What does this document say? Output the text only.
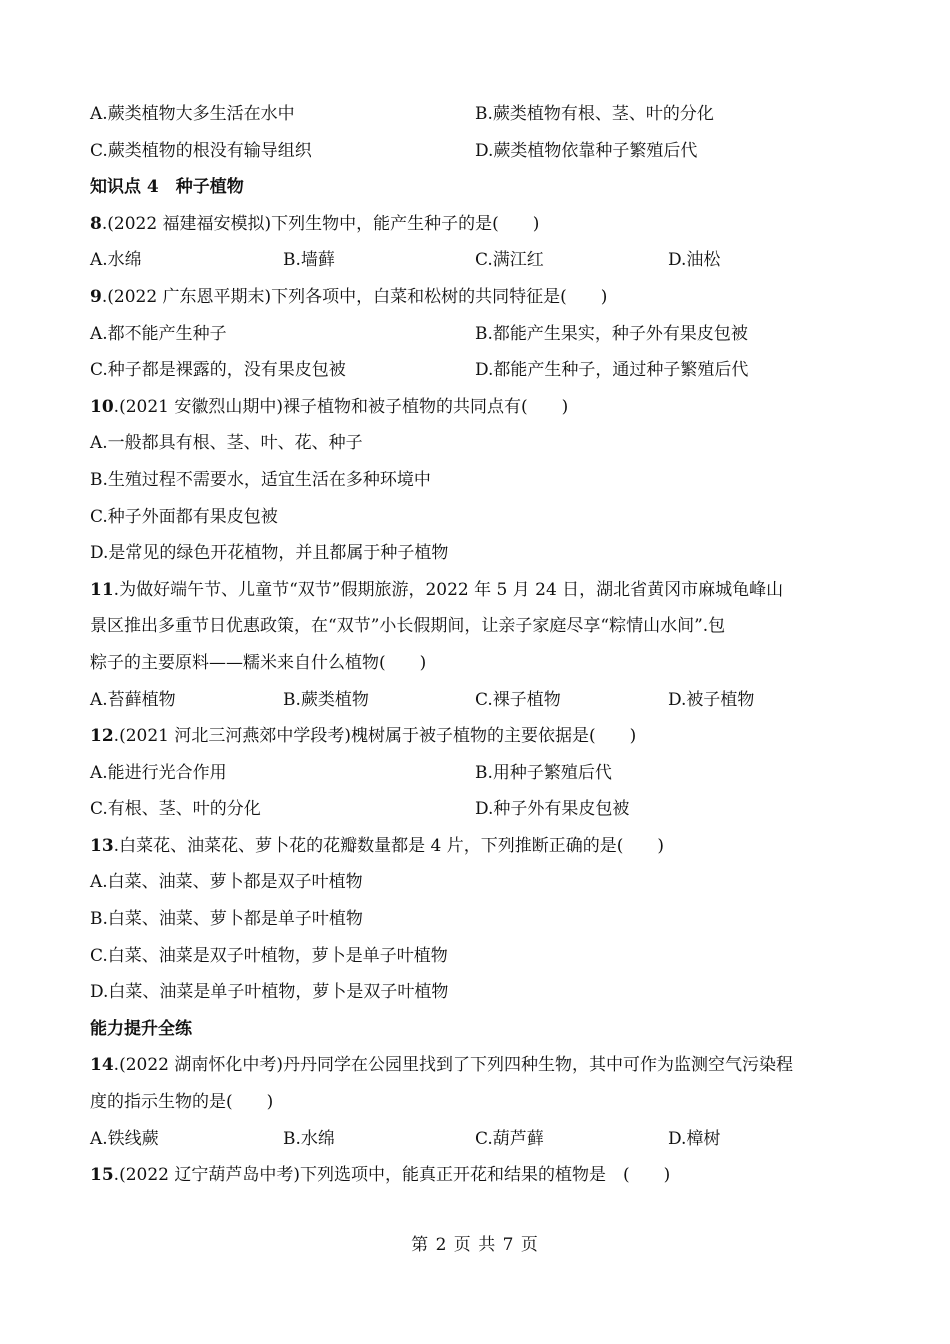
A.蕨类植物大多生活在水中	B.蕨类植物有根、茎、叶的分化
C.蕨类植物的根没有输导组织	D.蕨类植物依靠种子繁殖后代
知识点 4　种子植物
8.(2022 福建福安模拟)下列生物中，能产生种子的是(　　)
A.水绵	B.墙藓	C.满江红	D.油松
9.(2022 广东恩平期末)下列各项中，白菜和松树的共同特征是(　　)
A.都不能产生种子	B.都能产生果实，种子外有果皮包被
C.种子都是裸露的，没有果皮包被	D.都能产生种子，通过种子繁殖后代
10.(2021 安徽烈山期中)裸子植物和被子植物的共同点有(　　)
A.一般都具有根、茎、叶、花、种子
B.生殖过程不需要水，适宜生活在多种环境中
C.种子外面都有果皮包被
D.是常见的绿色开花植物，并且都属于种子植物
11.为做好端午节、儿童节“双节”假期旅游，2022 年 5 月 24 日，湖北省黄冈市麻城龟峰山
景区推出多重节日优惠政策，在“双节”小长假期间，让亲子家庭尽享“粽情山水间”.包
粽子的主要原料——糯米来自什么植物(　　)
A.苔藓植物	B.蕨类植物	C.裸子植物	D.被子植物
12.(2021 河北三河燕郊中学段考)槐树属于被子植物的主要依据是(　　)
A.能进行光合作用	B.用种子繁殖后代
C.有根、茎、叶的分化	D.种子外有果皮包被
13.白菜花、油菜花、萝卜花的花瓣数量都是 4 片，下列推断正确的是(　　)
A.白菜、油菜、萝卜都是双子叶植物
B.白菜、油菜、萝卜都是单子叶植物
C.白菜、油菜是双子叶植物，萝卜是单子叶植物
D.白菜、油菜是单子叶植物，萝卜是双子叶植物
能力提升全练
14.(2022 湖南怀化中考)丹丹同学在公园里找到了下列四种生物，其中可作为监测空气污染程
度的指示生物的是(　　)
A.铁线蕨	B.水绵	C.葫芦藓	D.樟树
15.(2022 辽宁葫芦岛中考)下列选项中，能真正开花和结果的植物是　(　　)
第 2 页 共 7 页
